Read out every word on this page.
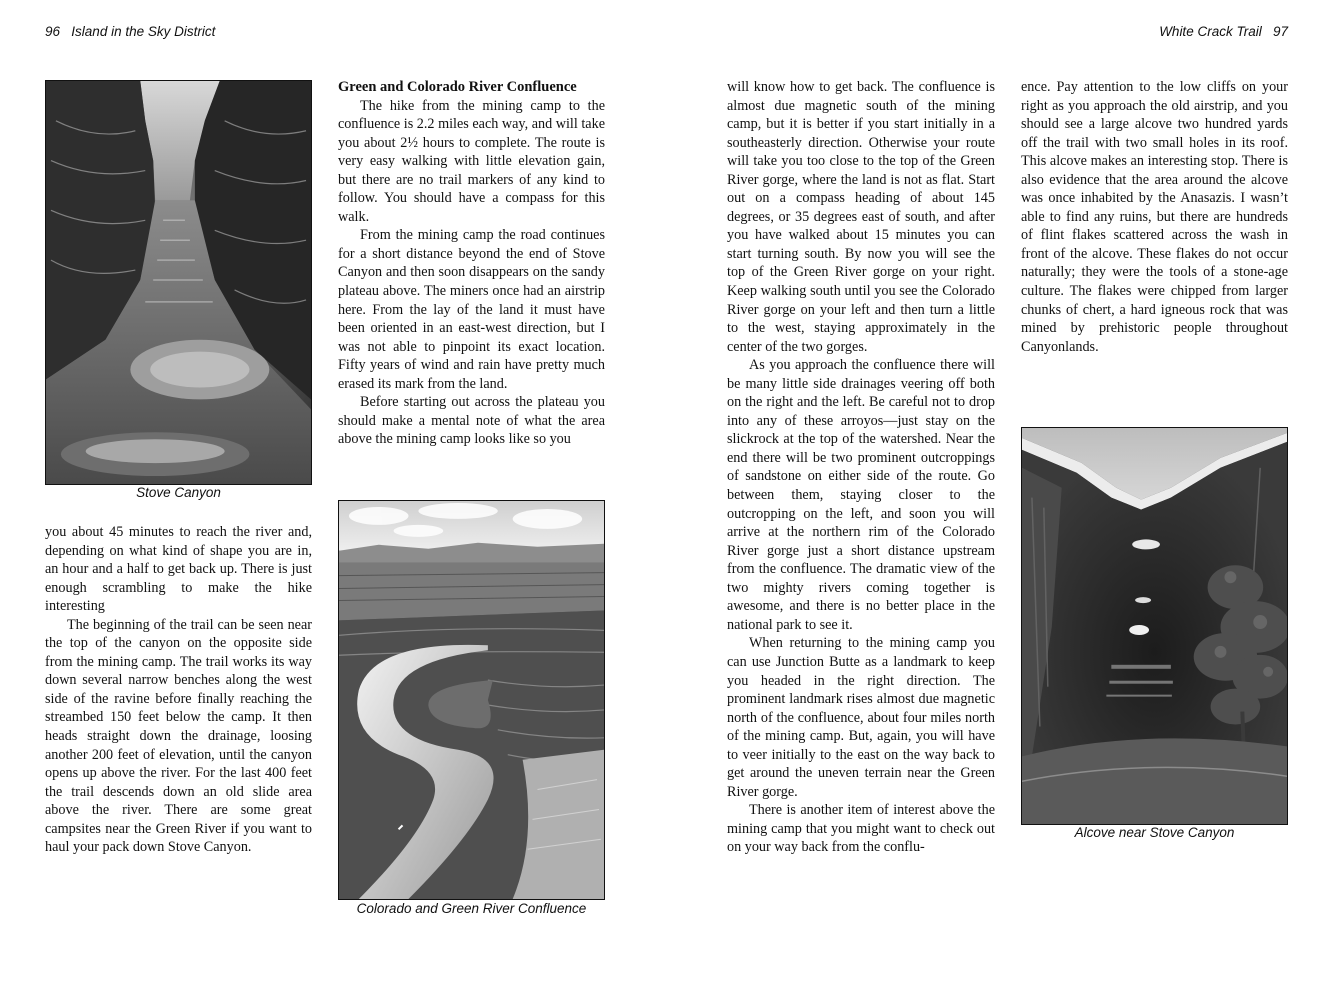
96 Island in the Sky District
Stove Canyon

you about 45 minutes to reach the river and, depending on what kind of shape you are in, an hour and a half to get back up. There is just enough scrambling to make the hike interesting

The beginning of the trail can be seen near the top of the canyon on the opposite side from the mining camp. The trail works its way down several narrow benches along the west side of the ravine before finally reaching the streambed 150 feet below the camp. It then heads straight down the drainage, loosing another 200 feet of elevation, until the canyon opens up above the river. For the last 400 feet the trail descends down an old slide area above the river. There are some great campsites near the Green River if you want to haul your pack down Stove Canyon.

Green and Colorado River Confluence

The hike from the mining camp to the confluence is 2.2 miles each way, and will take you about 2½ hours to complete. The route is very easy walking with little elevation gain, but there are no trail markers of any kind to follow. You should have a compass for this walk.

From the mining camp the road continues for a short distance beyond the end of Stove Canyon and then soon disappears on the sandy plateau above. The miners once had an airstrip here. From the lay of the land it must have been oriented in an east-west direction, but I was not able to pinpoint its exact location. Fifty years of wind and rain have pretty much erased its mark from the land.

Before starting out across the plateau you should make a mental note of what the area above the mining camp looks like so you

Colorado and Green River Confluence
White Crack Trail 97

will know how to get back. The confluence is almost due magnetic south of the mining camp, but it is better if you start initially in a southeasterly direction. Otherwise your route will take you too close to the top of the Green River gorge, where the land is not as flat. Start out on a compass heading of about 145 degrees, or 35 degrees east of south, and after you have walked about 15 minutes you can start turning south. By now you will see the top of the Green River gorge on your right. Keep walking south until you see the Colorado River gorge on your left and then turn a little to the west, staying approximately in the center of the two gorges.

As you approach the confluence there will be many little side drainages veering off both on the right and the left. Be careful not to drop into any of these arroyos—just stay on the slickrock at the top of the watershed. Near the end there will be two prominent outcroppings of sandstone on either side of the route. Go between them, staying closer to the outcropping on the left, and soon you will arrive at the northern rim of the Colorado River gorge just a short distance upstream from the confluence. The dramatic view of the two mighty rivers coming together is awesome, and there is no better place in the national park to see it.

When returning to the mining camp you can use Junction Butte as a landmark to keep you headed in the right direction. The prominent landmark rises almost due magnetic north of the confluence, about four miles north of the mining camp. But, again, you will have to veer initially to the east on the way back to get around the uneven terrain near the Green River gorge.

There is another item of interest above the mining camp that you might want to check out on your way back from the conflu-

ence. Pay attention to the low cliffs on your right as you approach the old airstrip, and you should see a large alcove two hundred yards off the trail with two small holes in its roof. This alcove makes an interesting stop. There is also evidence that the area around the alcove was once inhabited by the Anasazis. I wasn’t able to find any ruins, but there are hundreds of flint flakes scattered across the wash in front of the alcove. These flakes do not occur naturally; they were the tools of a stone-age culture. The flakes were chipped from larger chunks of chert, a hard igneous rock that was mined by prehistoric people throughout Canyonlands.

Alcove near Stove Canyon
